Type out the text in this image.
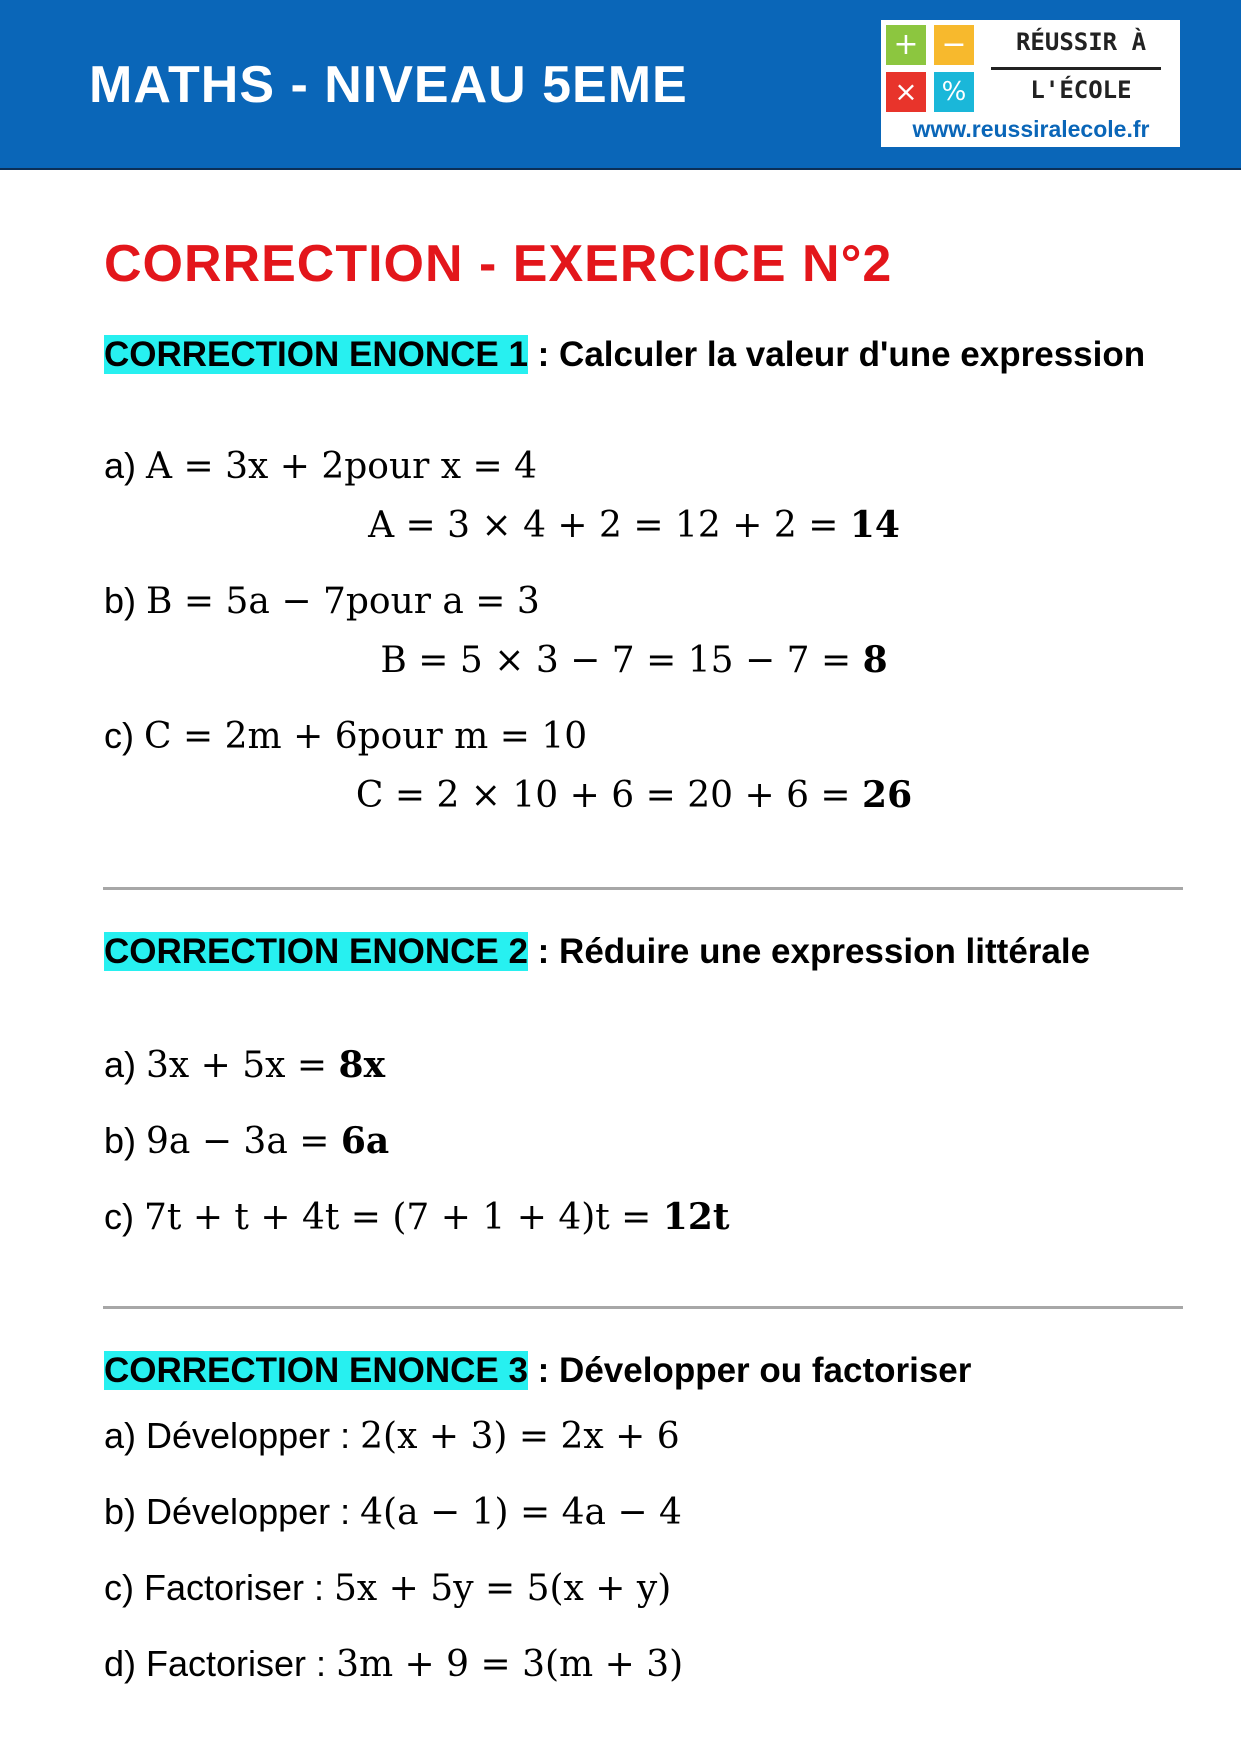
MATHS - NIVEAU 5EME
+ −
× %
RÉUSSIR À
L'ÉCOLE
www.reussiralecole.fr
CORRECTION - EXERCICE N°2
CORRECTION ENONCE 1 : Calculer la valeur d'une expression
a) A = 3x + 2pour x = 4
A = 3 × 4 + 2 = 12 + 2 = 14
b) B = 5a − 7pour a = 3
B = 5 × 3 − 7 = 15 − 7 = 8
c) C = 2m + 6pour m = 10
C = 2 × 10 + 6 = 20 + 6 = 26
CORRECTION ENONCE 2 : Réduire une expression littérale
a) 3x + 5x = 8x
b) 9a − 3a = 6a
c) 7t + t + 4t = (7 + 1 + 4)t = 12t
CORRECTION ENONCE 3 : Développer ou factoriser
a) Développer : 2(x + 3) = 2x + 6
b) Développer : 4(a − 1) = 4a − 4
c) Factoriser : 5x + 5y = 5(x + y)
d) Factoriser : 3m + 9 = 3(m + 3)
